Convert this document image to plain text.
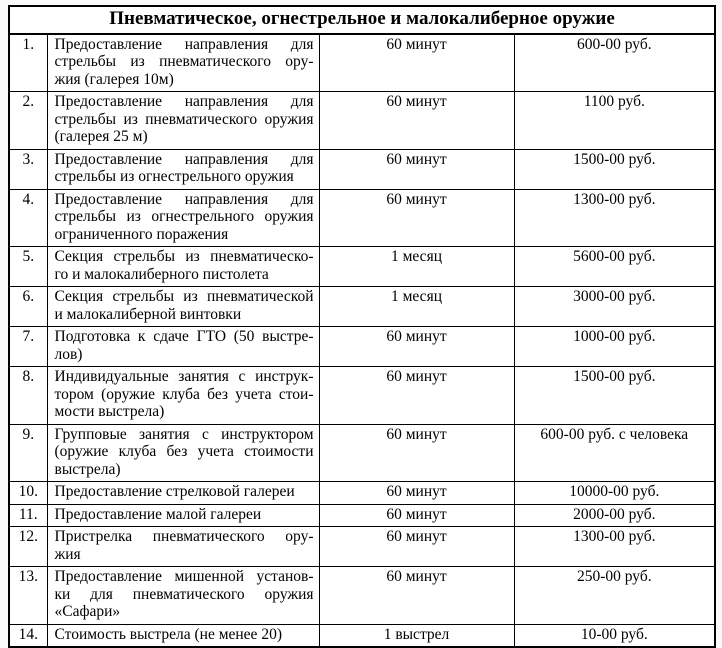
Пневматическое, огнестрельное и малокалиберное оружие			
1.	Предоставление направления для
стрельбы из пневматического ору-
жия (галерея 10м)	60 минут	600-00 руб.
2.	Предоставление направления для
стрельбы из пневматического оружия
(галерея 25 м)	60 минут	1100 руб.
3.	Предоставление направления для
стрельбы из огнестрельного оружия	60 минут	1500-00 руб.
4.	Предоставление направления для
стрельбы из огнестрельного оружия
ограниченного поражения	60 минут	1300-00 руб.
5.	Секция стрельбы из пневматическо-
го и малокалиберного пистолета	1 месяц	5600-00 руб.
6.	Секция стрельбы из пневматической
и малокалиберной винтовки	1 месяц	3000-00 руб.
7.	Подготовка к сдаче ГТО (50 выстре-
лов)	60 минут	1000-00 руб.
8.	Индивидуальные занятия с инструк-
тором (оружие клуба без учета стои-
мости выстрела)	60 минут	1500-00 руб.
9.	Групповые занятия с инструктором
(оружие клуба без учета стоимости
выстрела)	60 минут	600-00 руб. с человека
10.	Предоставление стрелковой галереи	60 минут	10000-00 руб.
11.	Предоставление малой галереи	60 минут	2000-00 руб.
12.	Пристрелка пневматического ору-
жия	60 минут	1300-00 руб.
13.	Предоставление мишенной установ-
ки для пневматического оружия
«Сафари»	60 минут	250-00 руб.
14.	Стоимость выстрела (не менее 20)	1 выстрел	10-00 руб.
